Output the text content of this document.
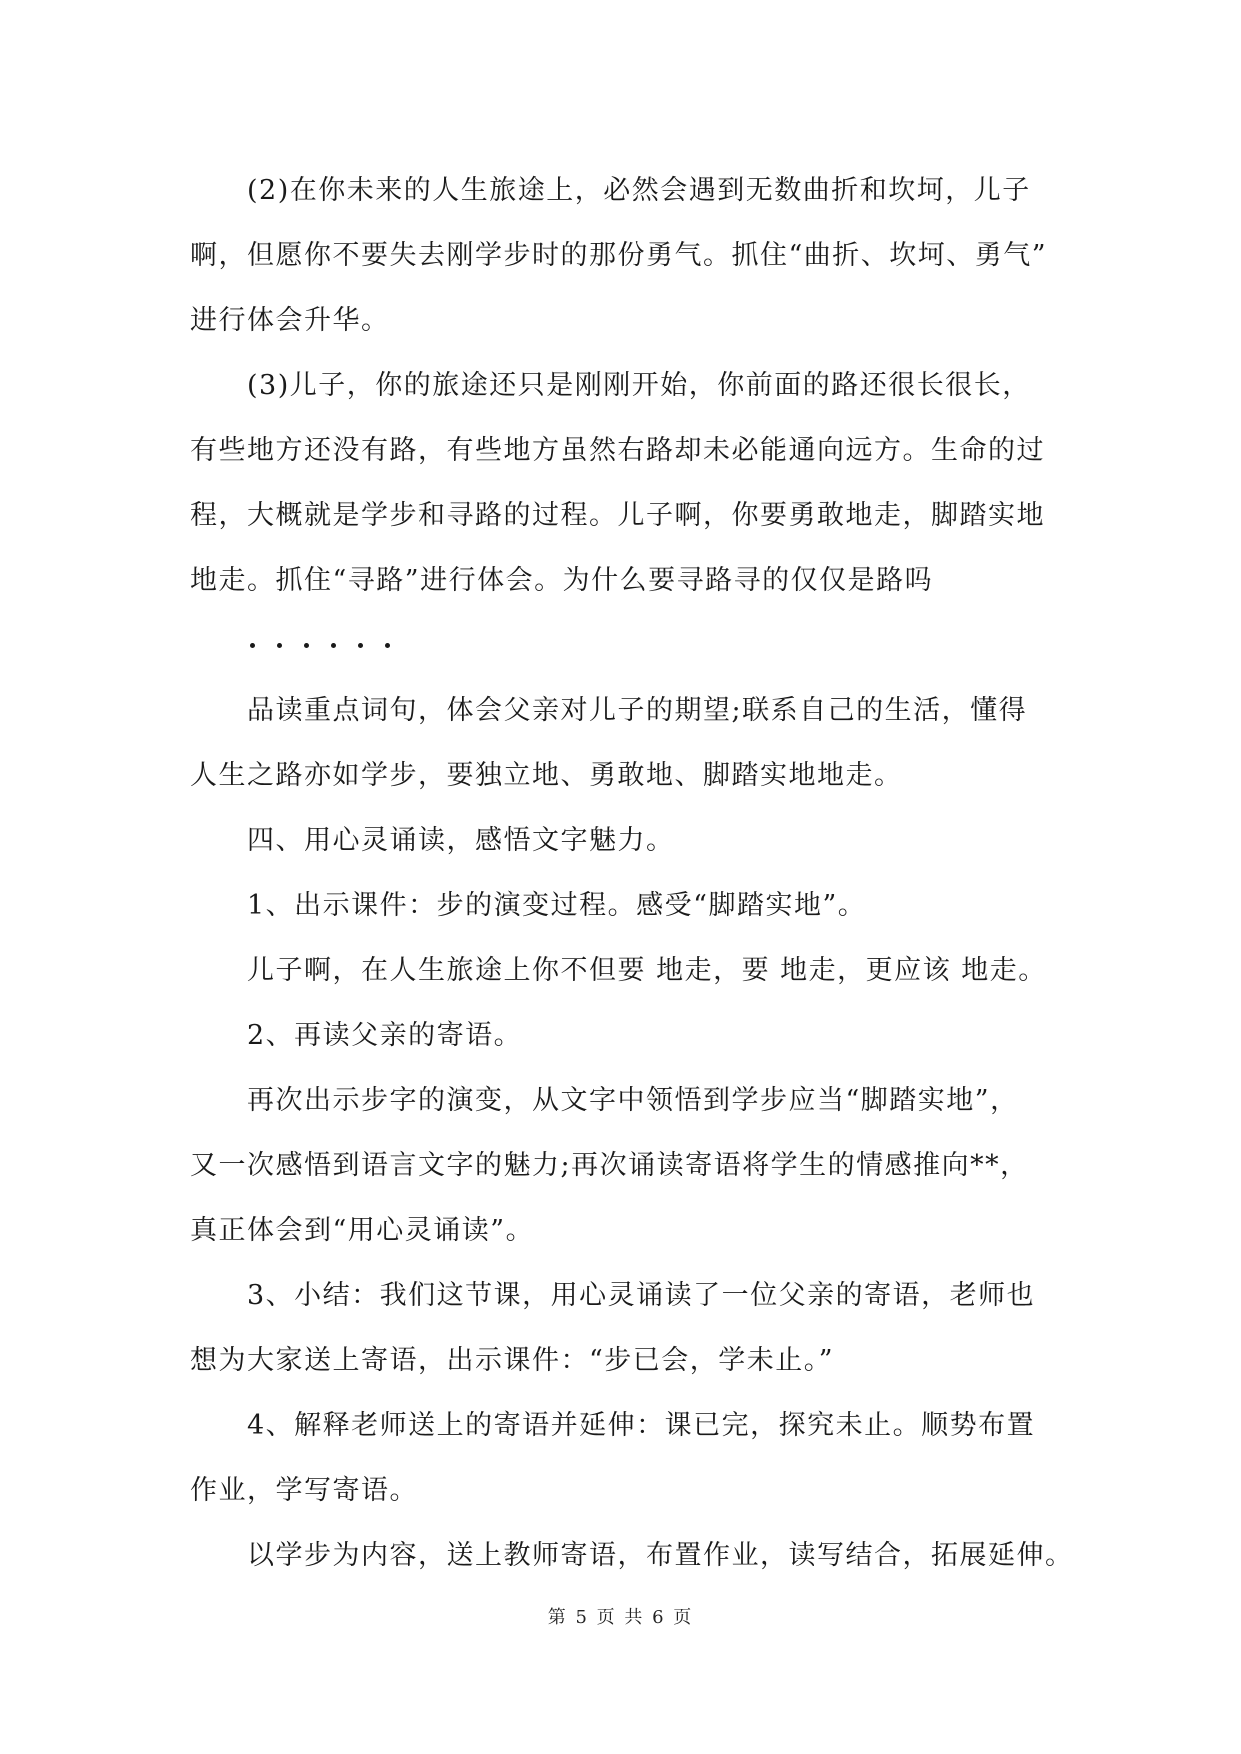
(2)在你未来的人生旅途上，必然会遇到无数曲折和坎坷，儿子

啊，但愿你不要失去刚学步时的那份勇气。抓住“曲折、坎坷、勇气”

进行体会升华。

(3)儿子，你的旅途还只是刚刚开始，你前面的路还很长很长，

有些地方还没有路，有些地方虽然右路却未必能通向远方。生命的过

程，大概就是学步和寻路的过程。儿子啊，你要勇敢地走，脚踏实地

地走。抓住“寻路”进行体会。为什么要寻路寻的仅仅是路吗

品读重点词句，体会父亲对儿子的期望;联系自己的生活，懂得

人生之路亦如学步，要独立地、勇敢地、脚踏实地地走。

四、用心灵诵读，感悟文字魅力。

1、出示课件：步的演变过程。感受“脚踏实地”。

儿子啊，在人生旅途上你不但要 地走，要 地走，更应该 地走。

2、再读父亲的寄语。

再次出示步字的演变，从文字中领悟到学步应当“脚踏实地”，

又一次感悟到语言文字的魅力;再次诵读寄语将学生的情感推向**，

真正体会到“用心灵诵读”。

3、小结：我们这节课，用心灵诵读了一位父亲的寄语，老师也

想为大家送上寄语，出示课件：“步已会，学未止。”

4、解释老师送上的寄语并延伸：课已完，探究未止。顺势布置

作业，学写寄语。

以学步为内容，送上教师寄语，布置作业，读写结合，拓展延伸。

第 5 页 共 6 页
